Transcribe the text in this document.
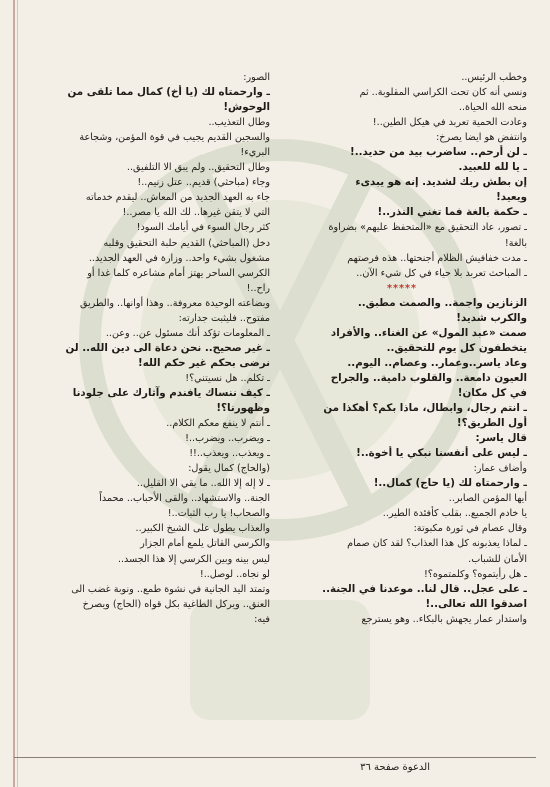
وخطب الرئيس..
ونسي أنه كان تحت الكراسي المقلوبة.. ثم
منحه الله الحياة..
وعادت الحمية تعربد في هيكل الطين..!
وانتفض هو ايضا يصرخ:
ـ لن أرحم.. ساضرب بيد من حديد..!
ـ يا لله للعبيد.
إن بطش ربك لشديد. إنه هو يبدىء
ويعيد!
ـ حكمة بالغة فما تغني النذر..!
ـ تصور، عاد التحقيق مع «المتحفظ عليهم» بضراوة
بالغة!
ـ مدت خفافيش الظلام أجنحتها.. هذه فرصتهم
ـ المباحث تعربد بلا حياء في كل شيء الآن..
*****
الزنازين واجمة.. والصمت مطبق..
والكرب شديد!
صمت «عبد المول» عن الغناء.. والأفراد
يتخطفون كل يوم للتحقيق..
وعاد ياسر..وعمار.. وعصام.. اليوم..
العيون دامعة.. والقلوب دامية.. والجراح
في كل مكان!
ـ انتم رجال، وابطال، ماذا بكم؟ أهكذا من
أول الطريق؟!
قال ياسر:
ـ ليس على أنفسنا نبكي يا أخوة..!
وأضاف عمار:
ـ وارحمتاه لك (يا حاج) كمال..!
أيها المؤمن الصابر..
يا خادم الجميع.. بقلب كأفئدة الطير..
وقال عصام في ثورة مكبوتة:
ـ لماذا يعذبونه كل هذا العذاب؟ لقد كان صمام
الأمان للشباب.
ـ هل رأيتموه؟ وكلمتموه؟!
ـ على عجل.. قال لنا.. موعدنا في الجنة..
اصدقوا الله تعالى..!
واستدار عمار يجهش بالبكاء.. وهو يسترجع
الصور:
ـ وارحمتاه لك (يا أخ) كمال مما تلقى من
الوحوش!
وطال التعذيب..
والسجين القديم يجيب في قوة المؤمن، وشجاعة
البريء!
وطال التحقيق.. ولم يبق الا التلفيق..
وجاء (مباحثي) قديم.. عتل زنيم..!
جاء به العهد الجديد من المعاش.. ليقدم خدماته
التي لا يتقن غيرها.. لك الله يا مصر..!
كثر رجال السوء في أيامك السود!
دخل (المباحثي) القديم حلبة التحقيق وقلبه
مشغول بشيء واحد.. وزارة في العهد الجديد..
الكرسي الساحر يهتز أمام مشاعره كلما غدا أو
راح..!
وبضاعته الوحيدة معروفة.. وهذا أوانها.. والطريق
مفتوح.. فليثبت جدارته:
ـ المعلومات تؤكد أنك مسئول عن.. وعن..
ـ غير صحيح.. نحن دعاة الى دين الله.. لن
نرضى بحكم غير حكم الله!
ـ تكلم.. هل نسيتني؟!
ـ كيف ننساك يافندم وآثارك على جلودنا
وظهورنا؟!
ـ أنتم لا ينفع معكم الكلام..
ـ ويضرب.. ويضرب..!
ـ ويعذب.. ويعذب..!!
(والحاج) كمال يقول:
ـ لا إله إلا الله.. ما بقي الا القليل..
الجنة.. والاستشهاد.. والقى الأحباب.. محمداً
والصحاب! يا رب الثبات..!
والعذاب يطول على الشيخ الكبير..
والكرسي القاتل يلمع أمام الجزار
ليس بينه وبين الكرسي إلا هذا الجسد..
لو نجاه.. لوصل..!
وتمتد اليد الجانية في نشوة طمع.. ونوبة غضب الى
العنق.. ويركل الطاغية بكل قواه (الحاج) ويصرخ
فيه:
الدعوة صفحة ٣٦
